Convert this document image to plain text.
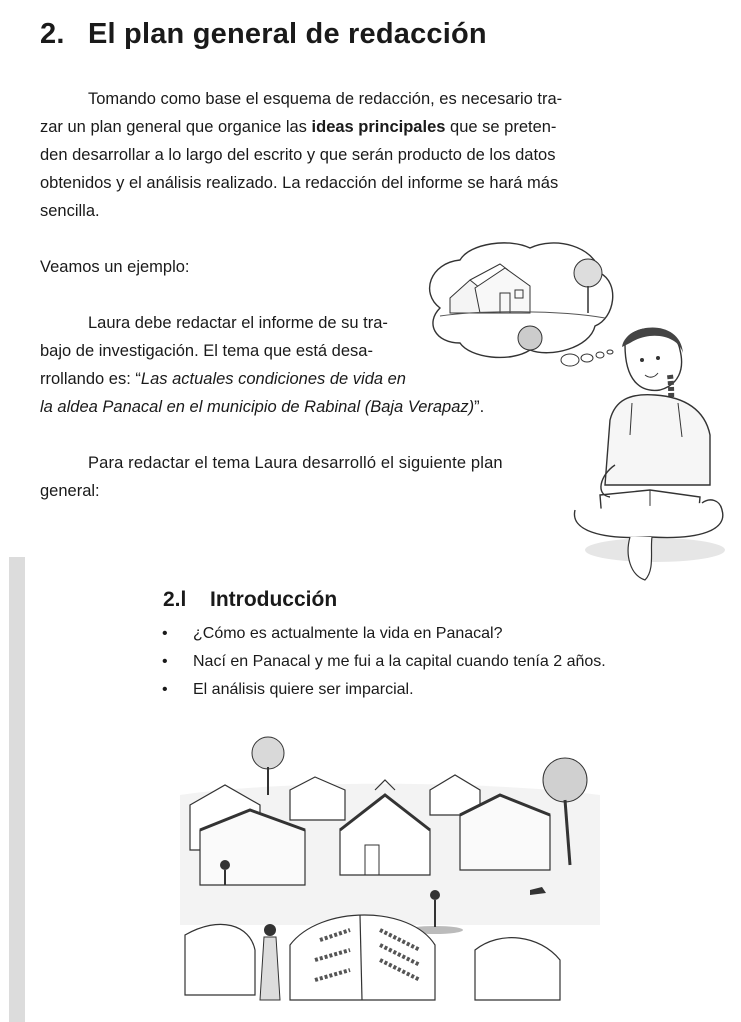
2. El plan general de redacción
Tomando como base el esquema de redacción, es necesario tra-
zar un plan general que organice las ideas principales que se preten-
den desarrollar a lo largo del escrito y que serán producto de los datos
obtenidos y el análisis realizado. La redacción del informe se hará más
sencilla.
Veamos un ejemplo:
Laura debe redactar el informe de su tra-
bajo de investigación. El tema que está desa-
rrollando es: “Las actuales condiciones de vida en
la aldea Panacal en el municipio de Rabinal (Baja Verapaz)”.
Para redactar el tema Laura desarrolló el siguiente plan
general:
2.l Introducción
• ¿Cómo es actualmente la vida en Panacal?
• Nací en Panacal y me fui a la capital cuando tenía 2 años.
• El análisis quiere ser imparcial.
